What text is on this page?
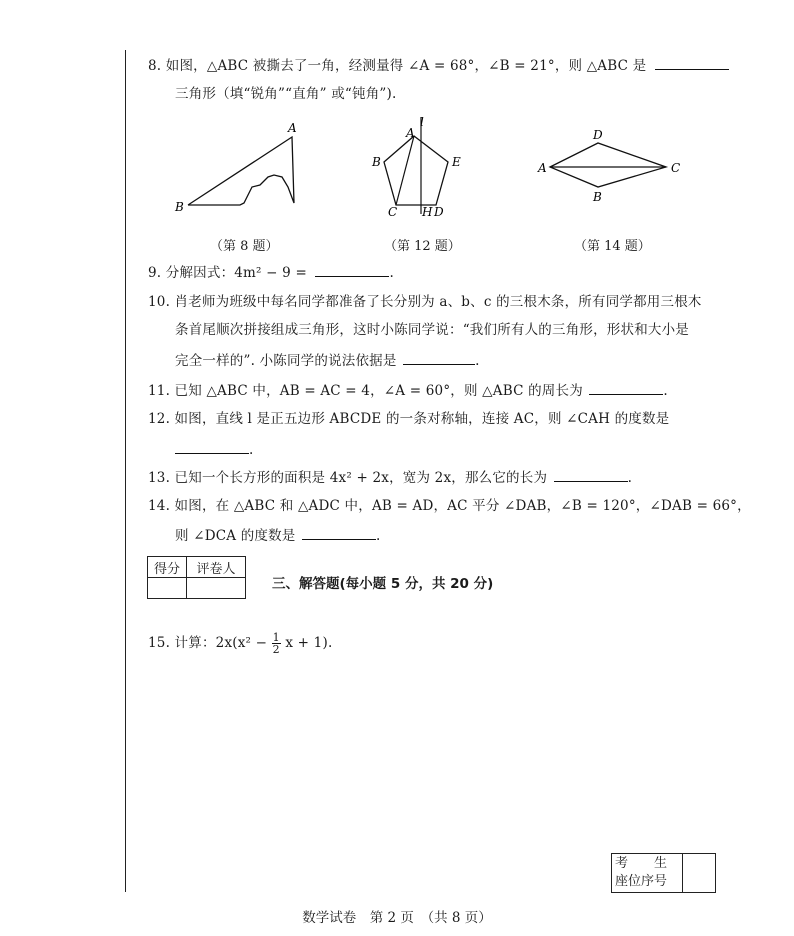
8. 如图，△ABC 被撕去了一角，经测量得 ∠A = 68°，∠B = 21°，则 △ABC 是
三角形（填“锐角”“直角” 或“钝角”).
A
B
（第 8 题）
l
A
B	E
C H D
（第 12 题）
A
D
C
B
（第 14 题）
9. 分解因式：4m² − 9 =	.
10. 肖老师为班级中每名同学都准备了长分别为 a、b、c 的三根木条，所有同学都用三根木
条首尾顺次拼接组成三角形，这时小陈同学说：“我们所有人的三角形，形状和大小是
完全一样的”. 小陈同学的说法依据是	.
11. 已知 △ABC 中，AB = AC = 4，∠A = 60°，则 △ABC 的周长为	.
12. 如图，直线 l 是正五边形 ABCDE 的一条对称轴，连接 AC，则 ∠CAH 的度数是
.
13. 已知一个长方形的面积是 4x² + 2x，宽为 2x，那么它的长为	.
14. 如图，在 △ABC 和 △ADC 中，AB = AD，AC 平分 ∠DAB，∠B = 120°，∠DAB = 66°，
则 ∠DCA 的度数是	.
得分	评卷人

三、解答题(每小题 5 分，共 20 分)
15. 计算：$2x(x^2 - \frac{1}{2}$ x + 1).
考　　生
座位序号

数学试卷　第 2 页　（共 8 页）
